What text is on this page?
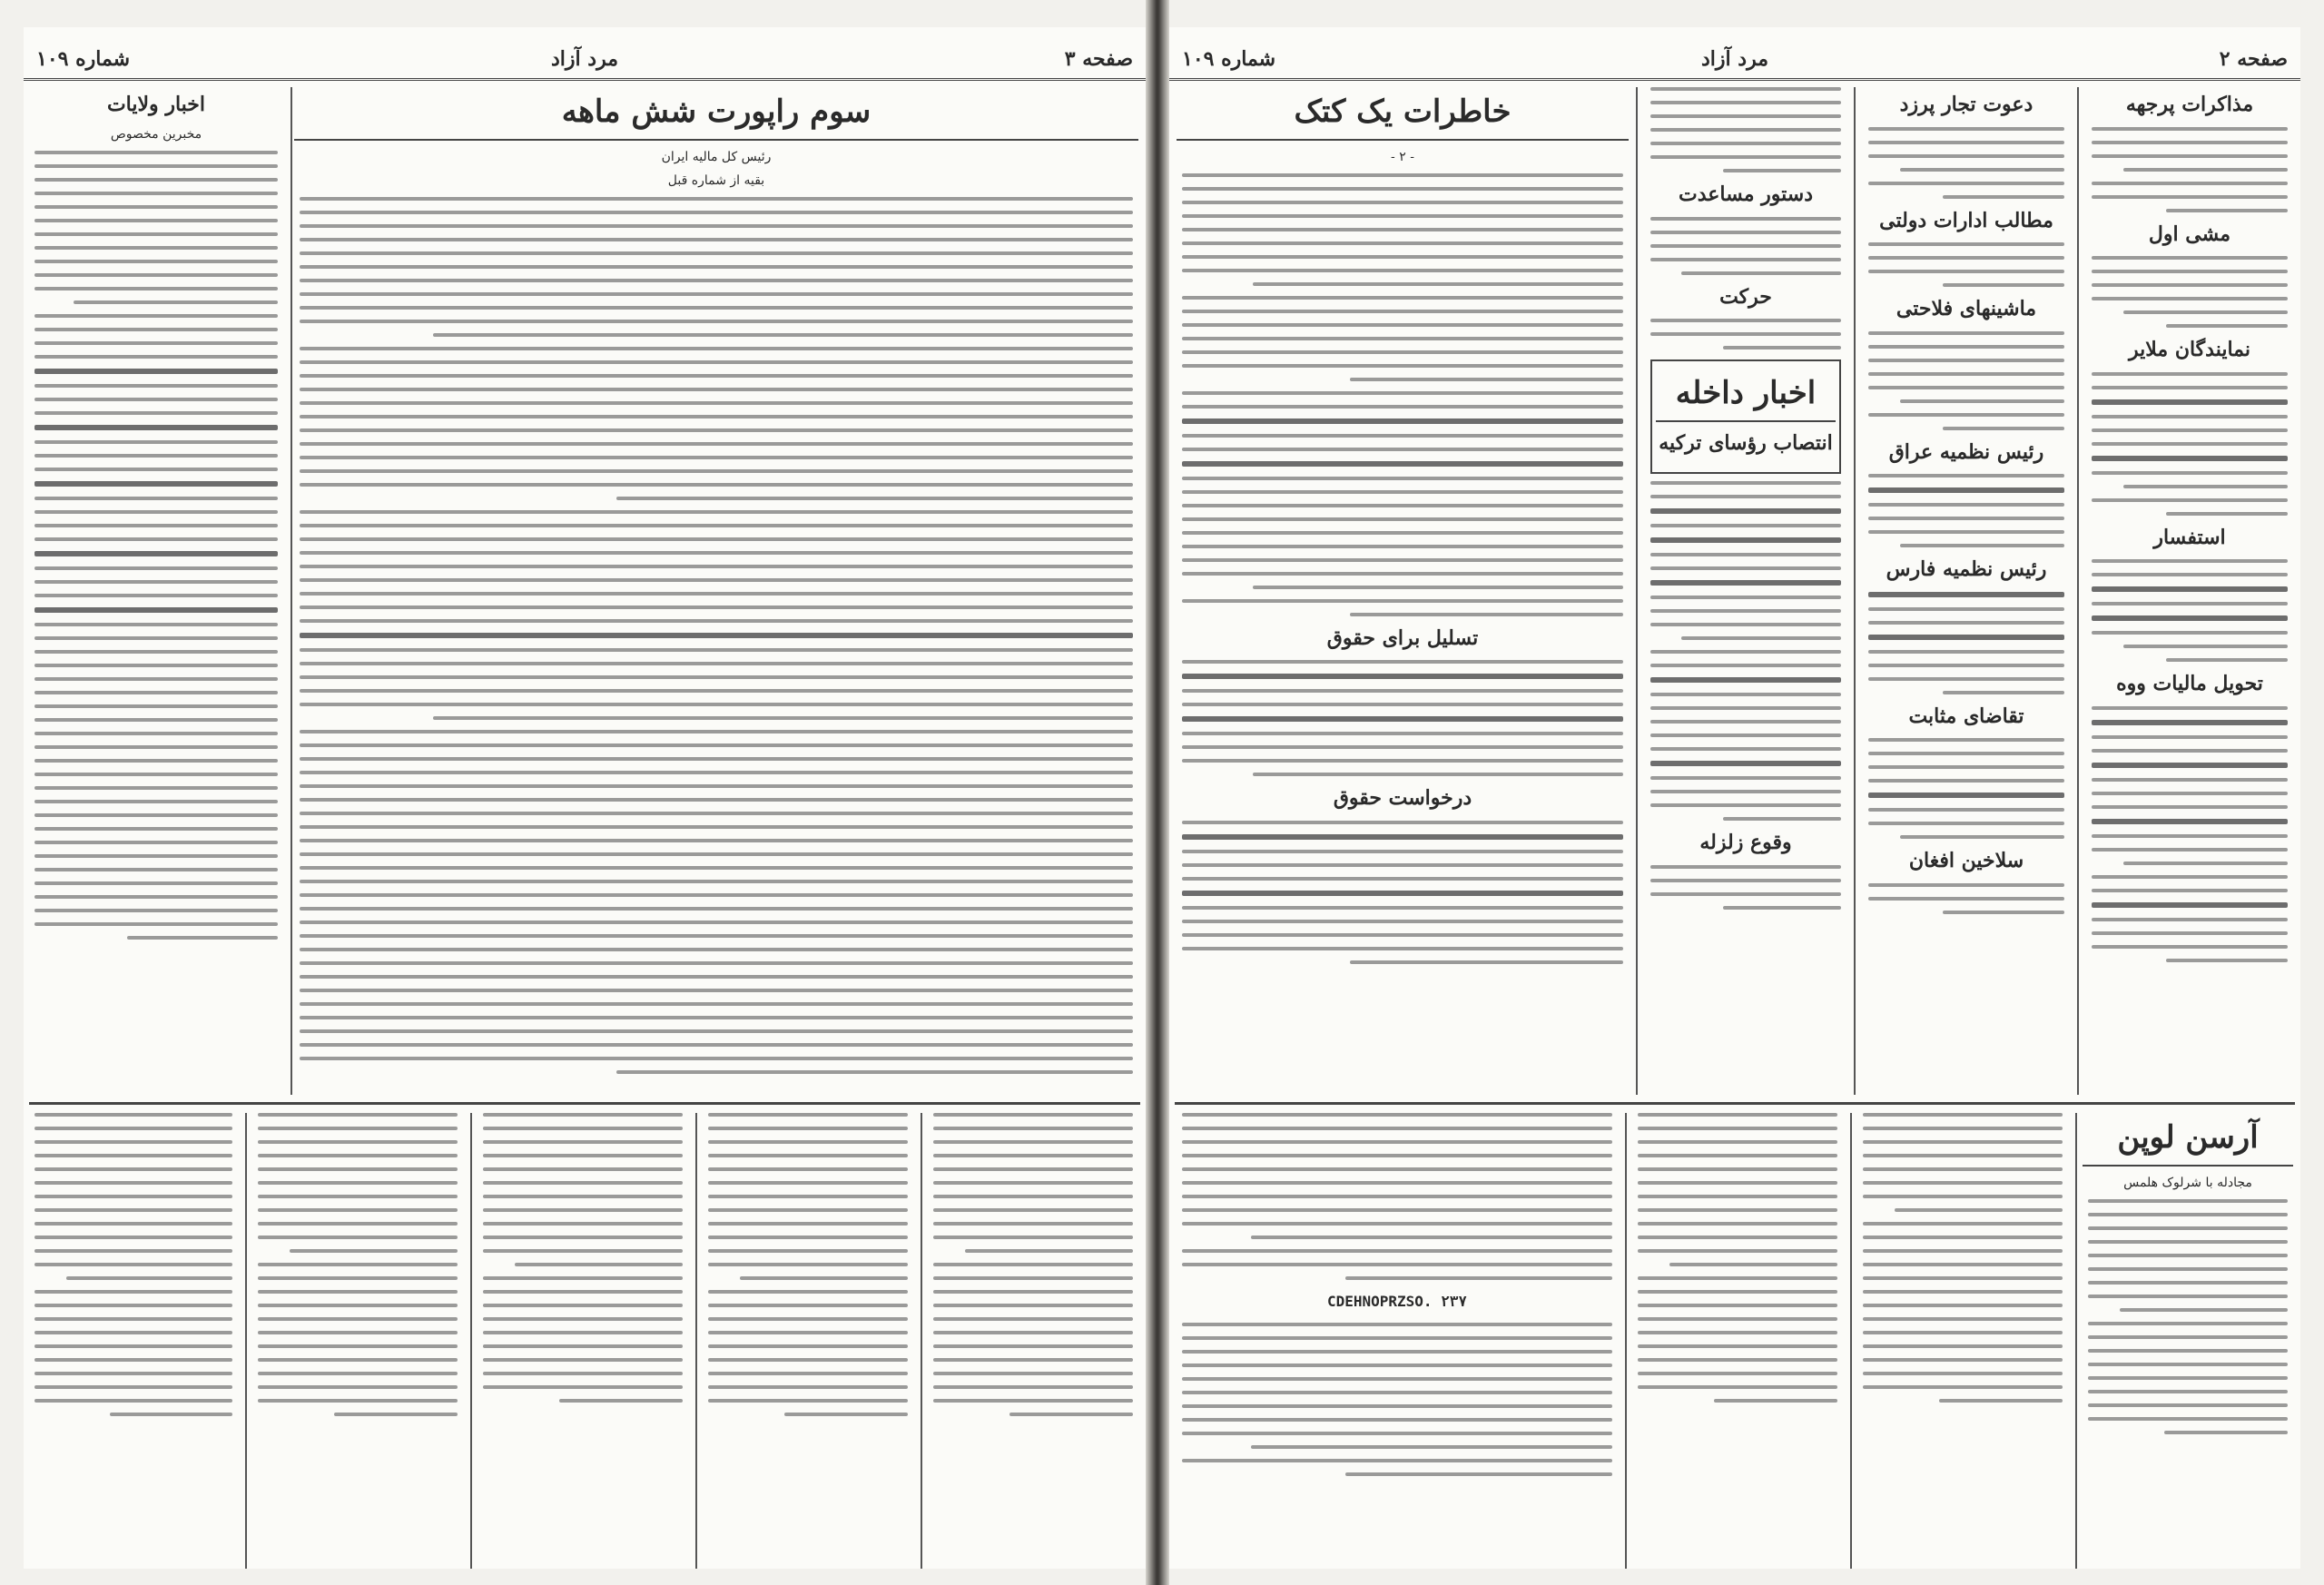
صفحه ۲
مرد آزاد
شماره ۱۰۹
مذاکرات پرجهه
مشی اول
نمایندگان ملایر
استفسار
تحویل مالیات ووه
دعوت تجار پرزد
مطالب ادارات دولتی
ماشینهای فلاحتی
رئیس نظمیه عراق
رئیس نظمیه فارس
تقاضای مثابت
سلاخین افغان
دستور مساعدت
حرکت
اخبار داخله
انتصاب رؤسای ترکیه
وقوع زلزله
خاطرات یک کتک
- ۲ -
تسلیل برای حقوق
درخواست حقوق
آرسن لوپن
مجادله با شرلوک هلمس
CDEHNOPRZSO. ۲۳۷
صفحه ۳
مرد آزاد
شماره ۱۰۹
سوم راپورت شش ماهه
رئیس کل مالیه ایران
بقیه از شماره قبل
اخبار ولایات
مخبرین مخصوص
